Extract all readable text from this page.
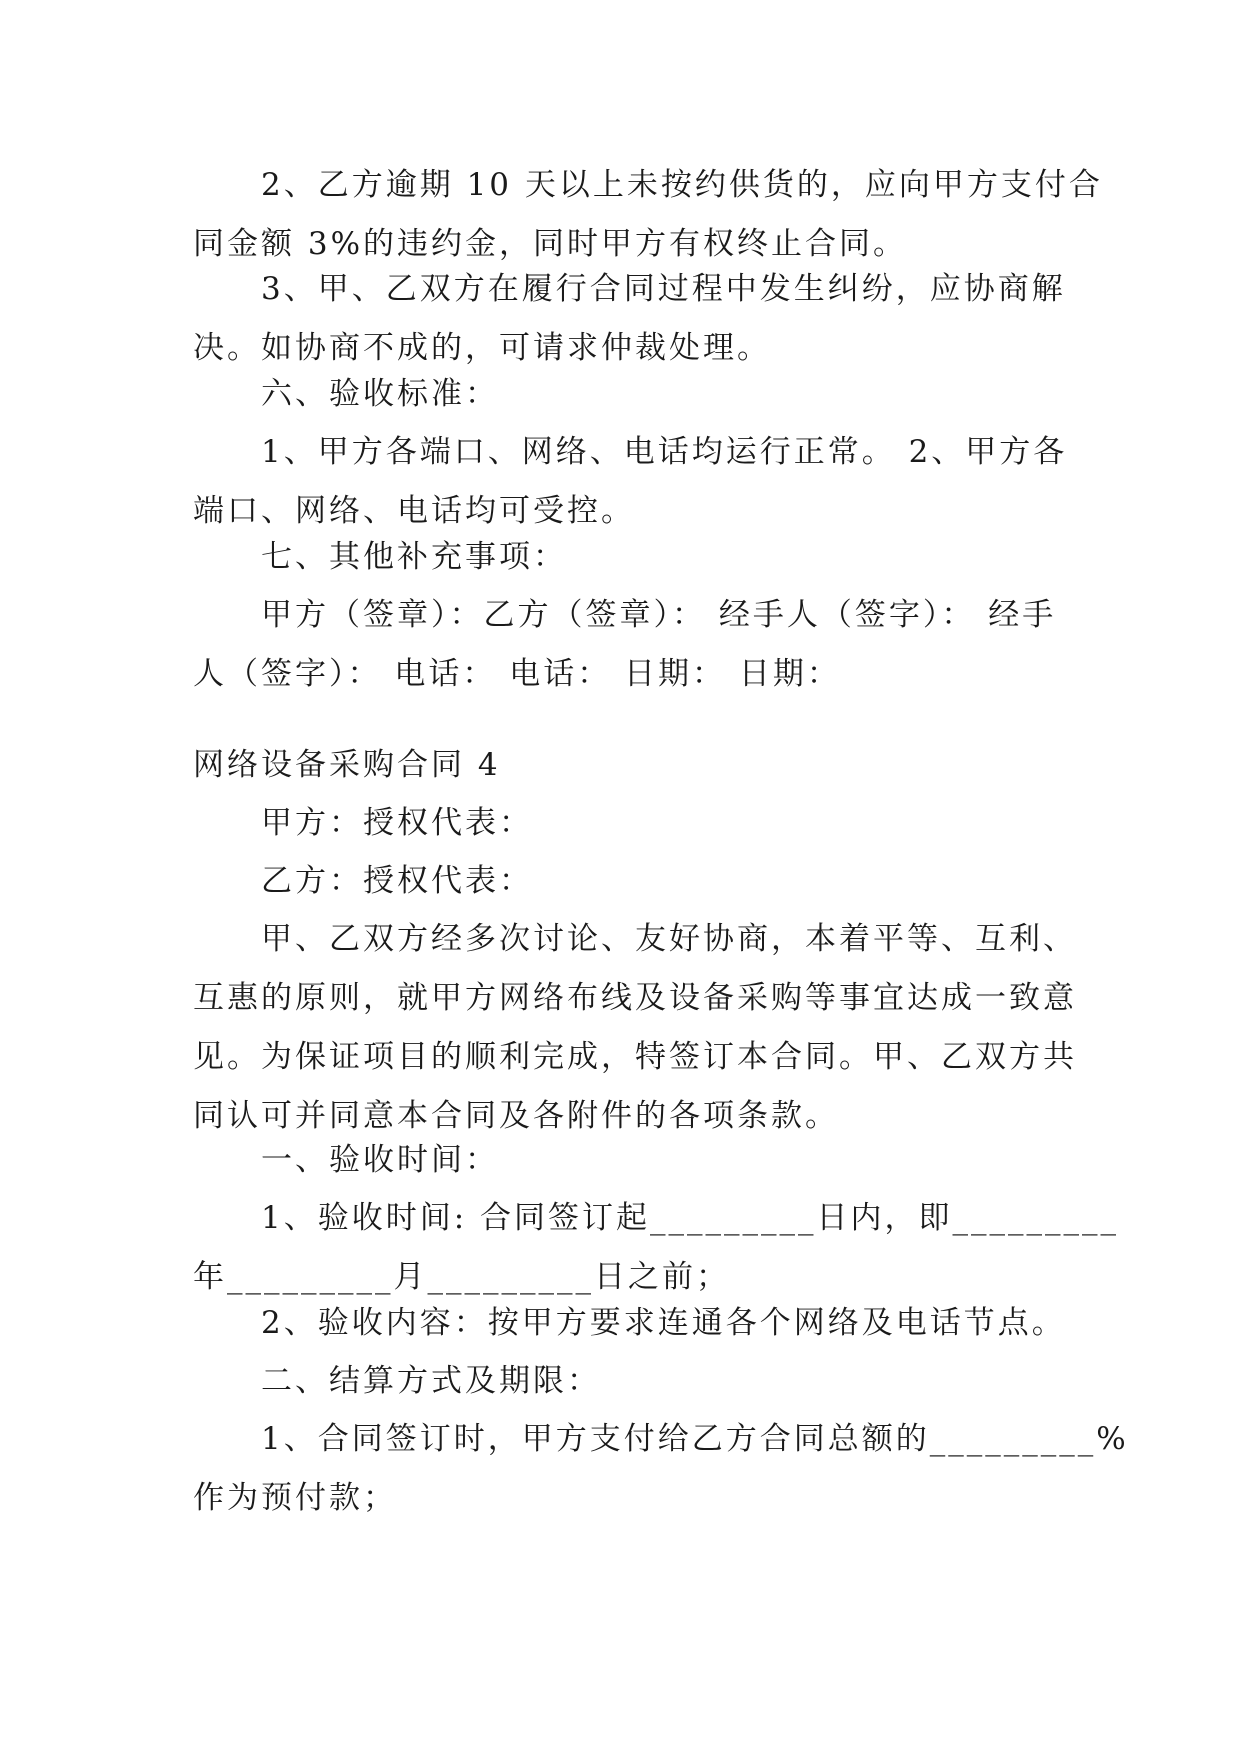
　　2、乙方逾期 10 天以上未按约供货的，应向甲方支付合
同金额 3%的违约金，同时甲方有权终止合同。
　　3、甲、乙双方在履行合同过程中发生纠纷，应协商解
决。如协商不成的，可请求仲裁处理。
　　六、验收标准：
　　1、甲方各端口、网络、电话均运行正常。 2、甲方各
端口、网络、电话均可受控。
　　七、其他补充事项：
　　甲方（签章）：乙方（签章）： 经手人（签字）： 经手
人（签字）： 电话： 电话： 日期： 日期：
网络设备采购合同 4
　　甲方：授权代表：
　　乙方：授权代表：
　　甲、乙双方经多次讨论、友好协商，本着平等、互利、
互惠的原则，就甲方网络布线及设备采购等事宜达成一致意
见。为保证项目的顺利完成，特签订本合同。甲、乙双方共
同认可并同意本合同及各附件的各项条款。
　　一、验收时间：
　　1、验收时间: 合同签订起_________日内，即_________
年_________月_________日之前；
　　2、验收内容：按甲方要求连通各个网络及电话节点。
　　二、结算方式及期限：
　　1、合同签订时，甲方支付给乙方合同总额的_________%
作为预付款；
